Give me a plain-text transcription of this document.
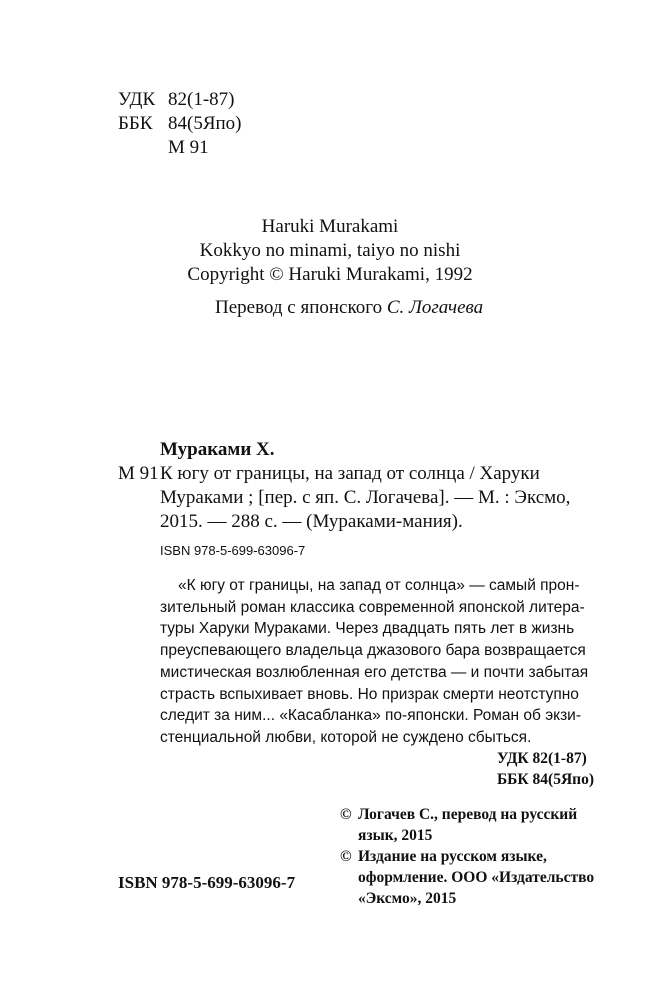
УДК 82(1-87)
ББК 84(5Япо)
М 91
Haruki Murakami
Kokkyo no minami, taiyo no nishi
Copyright © Haruki Murakami, 1992
Перевод с японского С. Логачева
Мураками Х.
М 91 К югу от границы, на запад от солнца / Харуки
Мураками ; [пер. с яп. С. Логачева]. — М. : Эксмо,
2015. — 288 с. — (Мураками-мания).
ISBN 978-5-699-63096-7
«К югу от границы, на запад от солнца» — самый прон-
зительный роман классика современной японской литера-
туры Харуки Мураками. Через двадцать пять лет в жизнь
преуспевающего владельца джазового бара возвращается
мистическая возлюбленная его детства — и почти забытая
страсть вспыхивает вновь. Но призрак смерти неотступно
следит за ним... «Касабланка» по-японски. Роман об экзи-
стенциальной любви, которой не суждено сбыться.
УДК 82(1-87)
ББК 84(5Япо)
© Логачев С., перевод на русский
язык, 2015
© Издание на русском языке,
оформление. ООО «Издательство
«Эксмо», 2015
ISBN 978-5-699-63096-7
